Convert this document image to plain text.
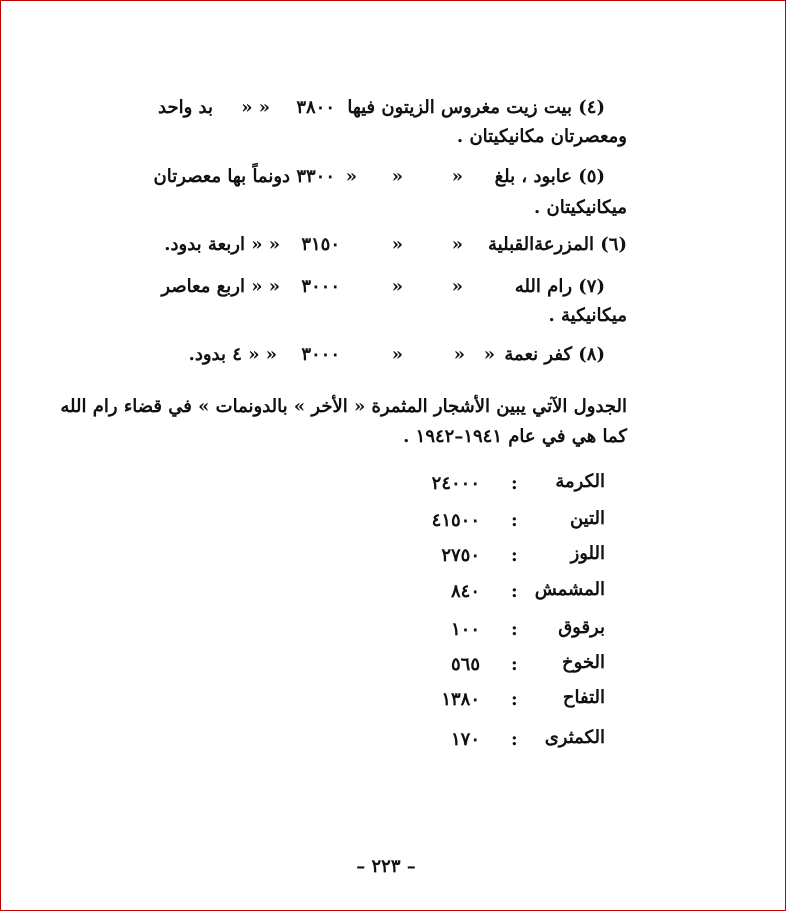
(٤) بيت زيت مغروس الزيتون فيها
٣٨٠٠
« «
بد واحد
ومعصرتان مكانيكيتان .
(٥) عابود ، بلغ
«
«
«
٣٣٠٠ دونماً بها معصرتان
ميكانيكيتان .
(٦) المزرعةالقبلية
«
«
٣١٥٠
« « اربعة بدود.
(٧) رام الله
«
«
٣٠٠٠
« « اربع معاصر
ميكانيكية .
(٨) كفر نعمة
«
«
«
٣٠٠٠
« « ٤ بدود.
الجدول الآتي يبين الأشجار المثمرة « الأخر » بالدونمات » في قضاء رام الله
كما هي في عام ١٩٤١–١٩٤٢ .
الكرمة
:
٢٤٠٠٠
التين
:
٤١٥٠٠
اللوز
:
٢٧٥٠
المشمش
:
٨٤٠
برقوق
:
١٠٠
الخوخ
:
٥٦٥
التفاح
:
١٣٨٠
الكمثرى
:
١٧٠
– ٢٢٣ –
